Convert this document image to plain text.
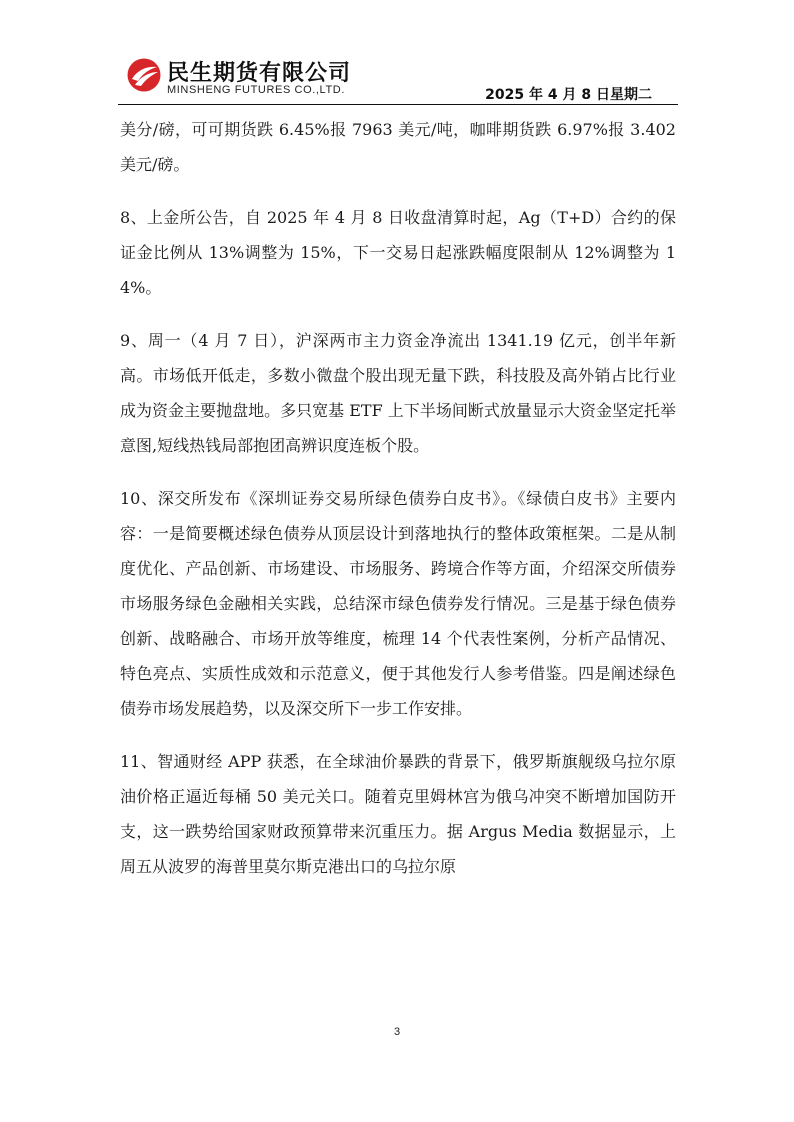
民生期货有限公司
MINSHENG FUTURES CO.,LTD.	2025 年 4 月 8 日星期二

美分/磅，可可期货跌 6.45%报 7963 美元/吨，咖啡期货跌 6.97%报 3.402 美元/磅。

8、上金所公告，自 2025 年 4 月 8 日收盘清算时起，Ag（T+D）合约的保证金比例从 13%调整为 15%，下一交易日起涨跌幅度限制从 12%调整为 14%。

9、周一（4 月 7 日），沪深两市主力资金净流出 1341.19 亿元，创半年新高。市场低开低走，多数小微盘个股出现无量下跌，科技股及高外销占比行业成为资金主要抛盘地。多只宽基 ETF 上下半场间断式放量显示大资金坚定托举意图,短线热钱局部抱团高辨识度连板个股。

10、深交所发布《深圳证券交易所绿色债券白皮书》。《绿债白皮书》主要内容：一是简要概述绿色债券从顶层设计到落地执行的整体政策框架。二是从制度优化、产品创新、市场建设、市场服务、跨境合作等方面，介绍深交所债券市场服务绿色金融相关实践，总结深市绿色债券发行情况。三是基于绿色债券创新、战略融合、市场开放等维度，梳理 14 个代表性案例，分析产品情况、特色亮点、实质性成效和示范意义，便于其他发行人参考借鉴。四是阐述绿色债券市场发展趋势，以及深交所下一步工作安排。

11、智通财经 APP 获悉，在全球油价暴跌的背景下，俄罗斯旗舰级乌拉尔原油价格正逼近每桶 50 美元关口。随着克里姆林宫为俄乌冲突不断增加国防开支，这一跌势给国家财政预算带来沉重压力。据 Argus Media 数据显示，上周五从波罗的海普里莫尔斯克港出口的乌拉尔原

3
